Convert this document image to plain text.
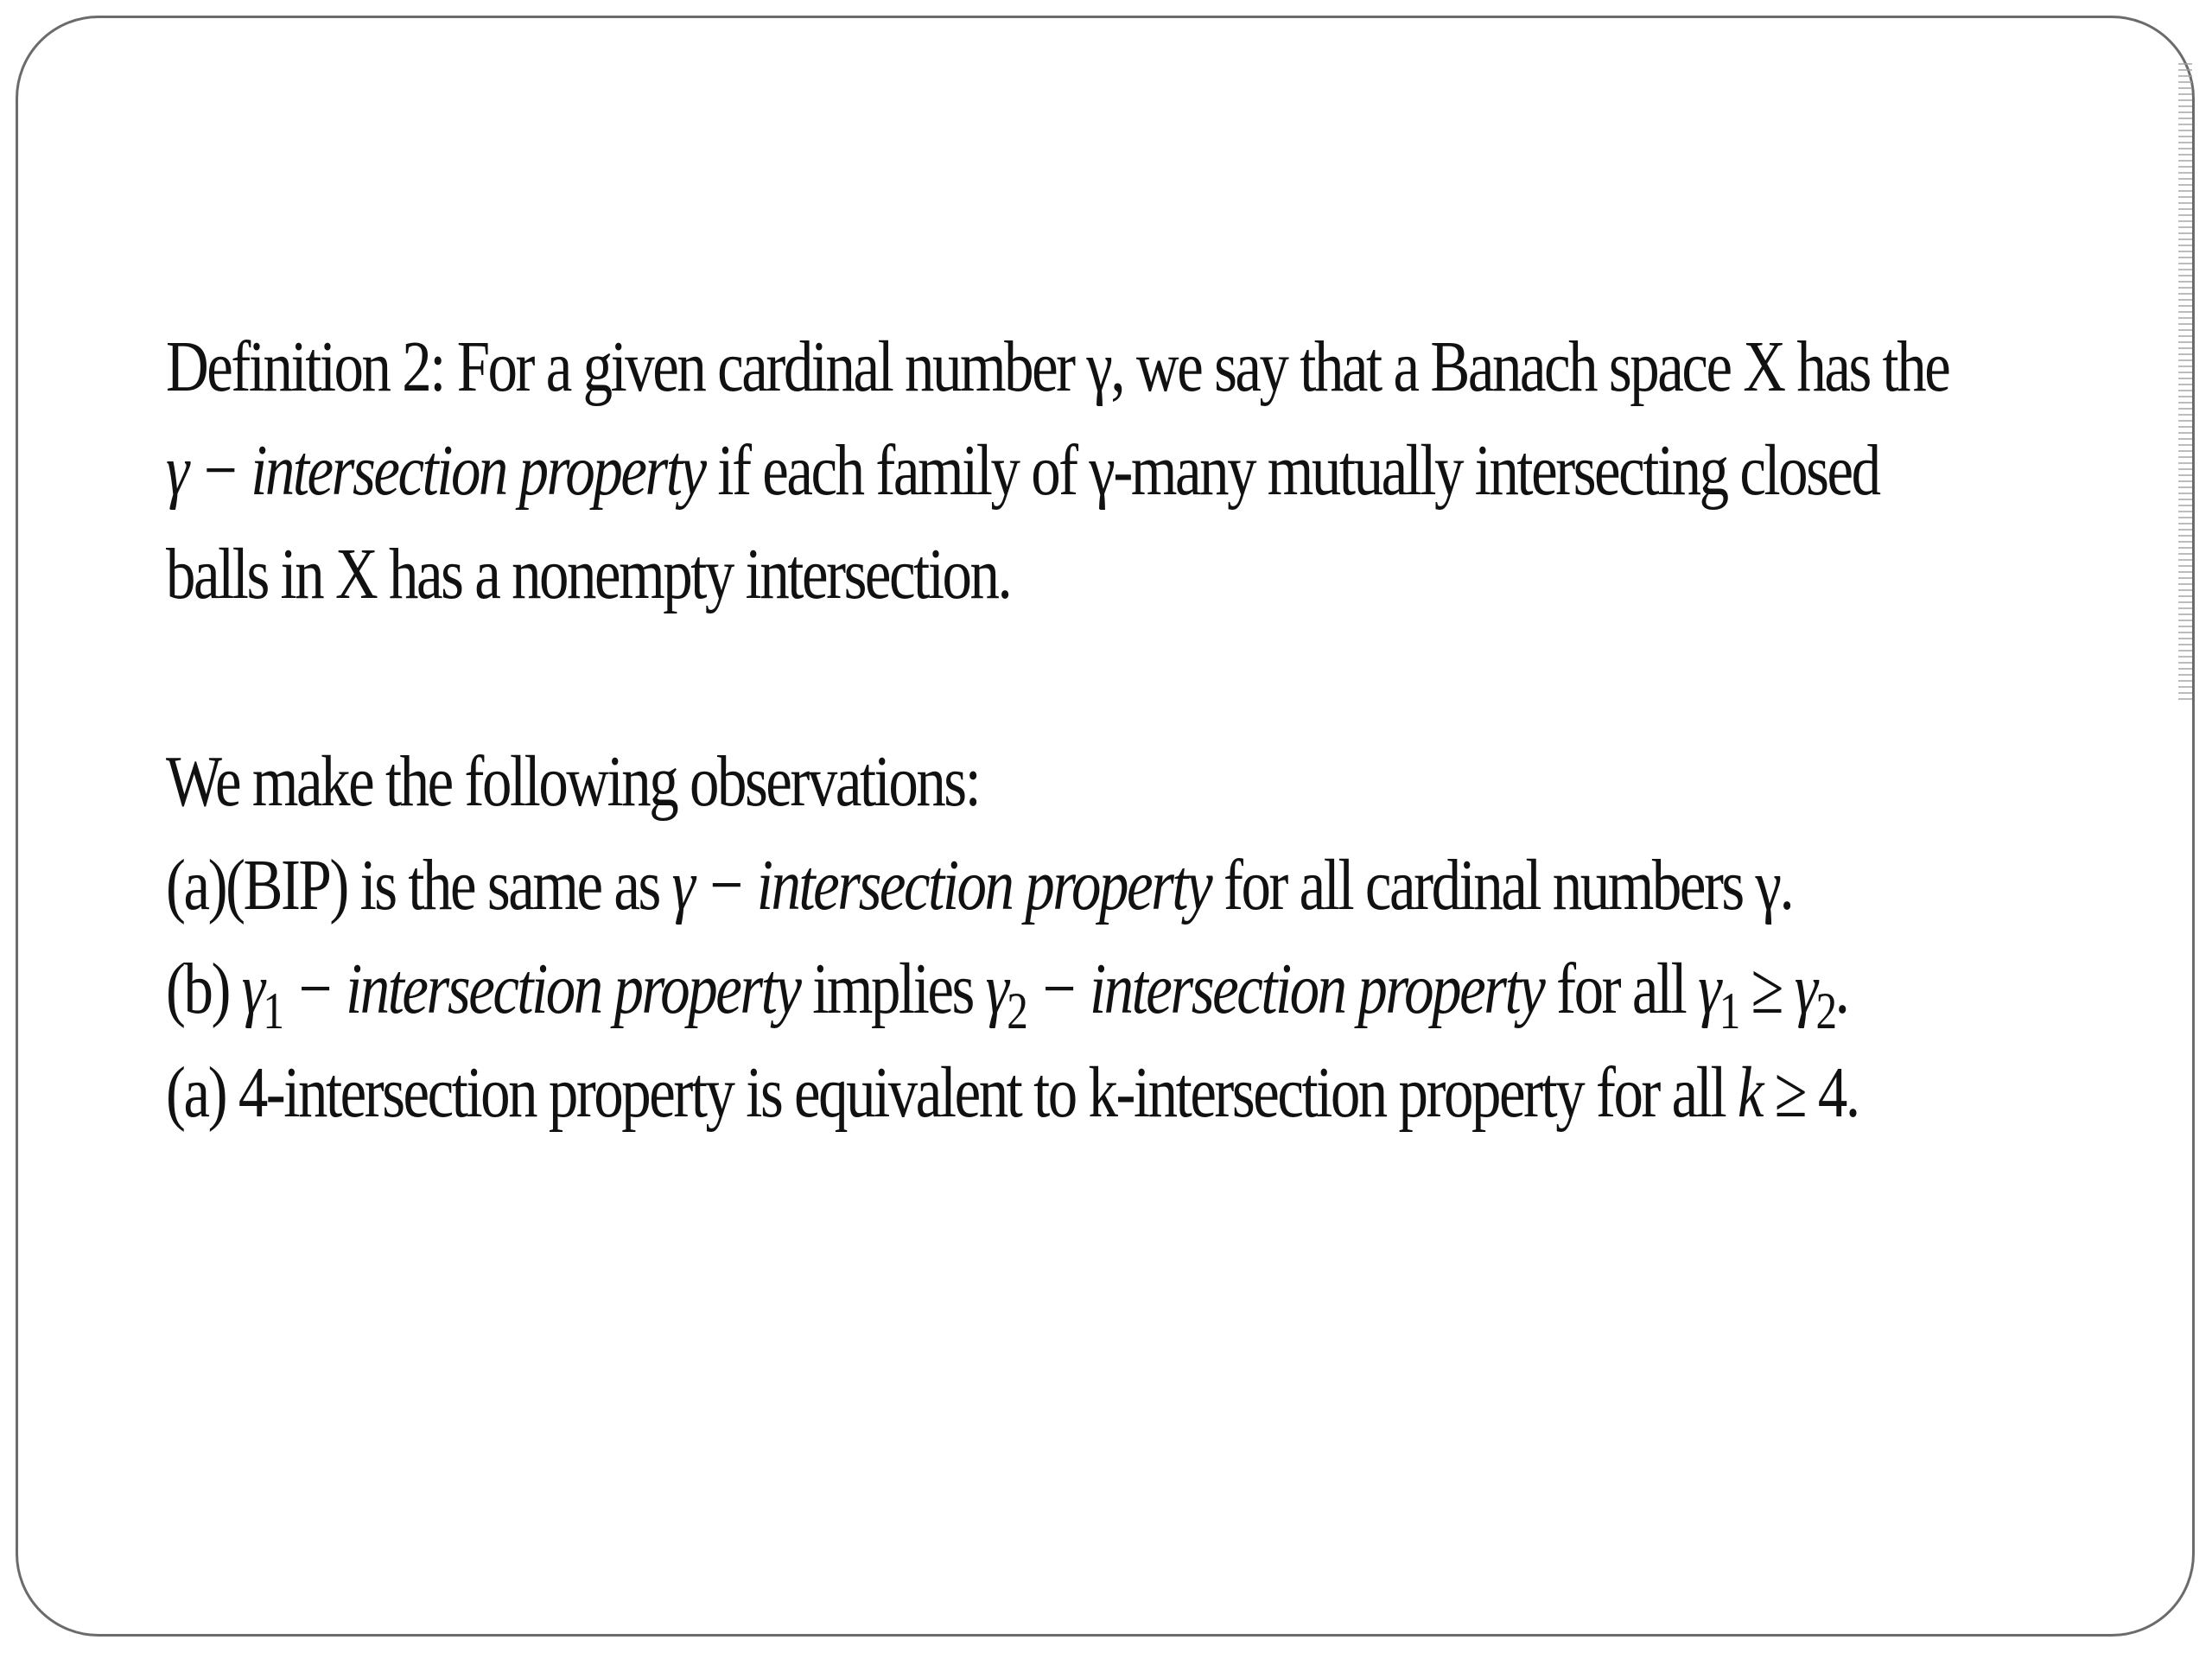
Definition 2: For a given cardinal number γ, we say that a Banach space X has the

γ − intersection property if each family of γ-many mutually intersecting closed

balls in X has a nonempty intersection.

We make the following observations:

(a)(BIP) is the same as γ − intersection property for all cardinal numbers γ.

(b) $\gamma_1$ − intersection property implies $\gamma_2$ − intersection property for all $\gamma_1 \ge \gamma_2$.

(a) 4-intersection property is equivalent to k-intersection property for all k ≥ 4.
